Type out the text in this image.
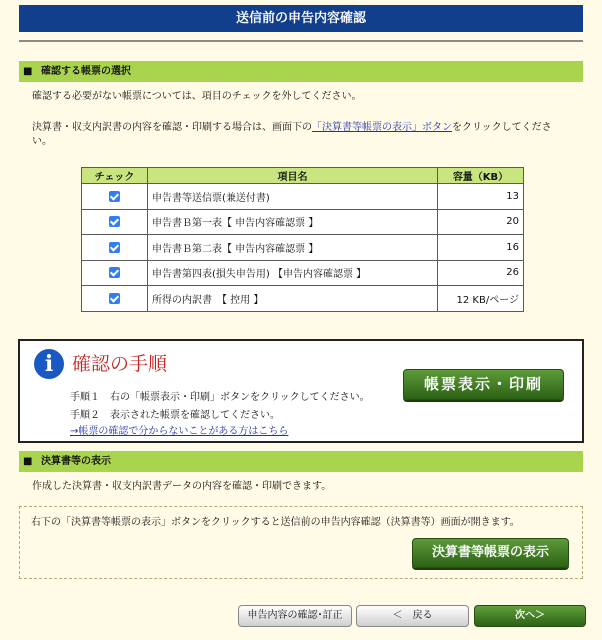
送信前の申告内容確認
■ 確認する帳票の選択
確認する必要がない帳票については、項目のチェックを外してください。
決算書・収支内訳書の内容を確認・印刷する場合は、画面下の「決算書等帳票の表示」ボタンをクリックしてくださ
い。
チェック	項目名	容量（KB）
	申告書等送信票(兼送付書)	13
	申告書Ｂ第一表【 申告内容確認票 】	20
	申告書Ｂ第二表【 申告内容確認票 】	16
	申告書第四表(損失申告用) 【申告内容確認票 】	26
	所得の内訳書　【 控用 】	12 KB/ページ
i 確認の手順
手順１　右の「帳票表示・印刷」ボタンをクリックしてください。
手順２　表示された帳票を確認してください。
→帳票の確認で分からないことがある方はこちら
帳票表示・印刷
■ 決算書等の表示
作成した決算書・収支内訳書データの内容を確認・印刷できます。
右下の「決算書等帳票の表示」ボタンをクリックすると送信前の申告内容確認（決算書等）画面が開きます。
決算書等帳票の表示
申告内容の確認･訂正	＜　戻る	次へ＞
